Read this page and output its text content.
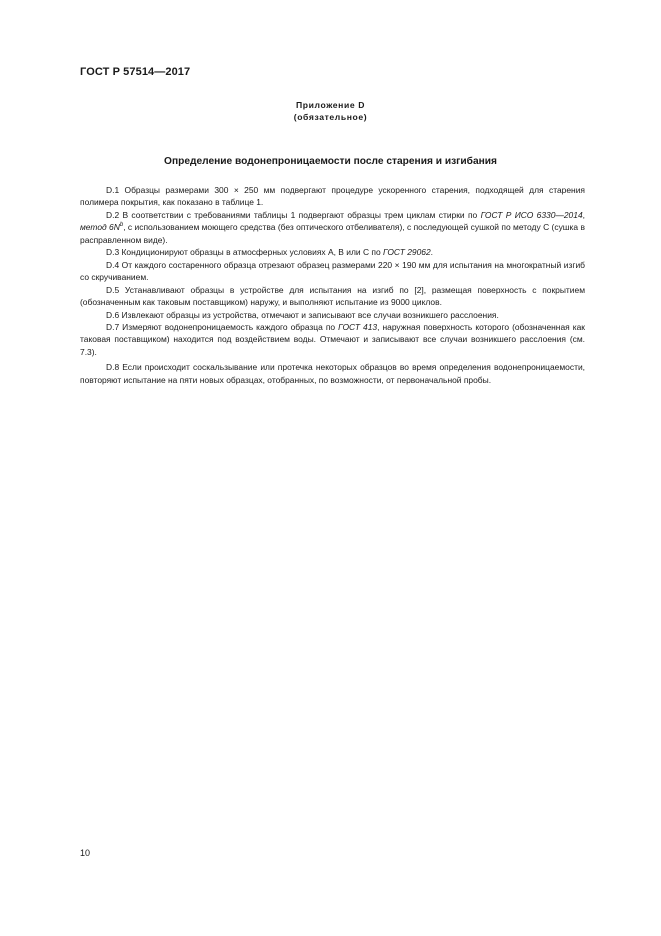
ГОСТ Р 57514—2017
Приложение D
(обязательное)
Определение водонепроницаемости после старения и изгибания

D.1 Образцы размерами 300 × 250 мм подвергают процедуре ускоренного старения, подходящей для старения полимера покрытия, как показано в таблице 1.

D.2 В соответствии с требованиями таблицы 1 подвергают образцы трем циклам стирки по ГОСТ Р ИСО 6330—2014, метод $6N^b$, с использованием моющего средства (без оптического отбеливателя), с последующей сушкой по методу С (сушка в расправленном виде).

D.3 Кондиционируют образцы в атмосферных условиях А, В или С по ГОСТ 29062.

D.4 От каждого состаренного образца отрезают образец размерами 220 × 190 мм для испытания на многократный изгиб со скручиванием.

D.5 Устанавливают образцы в устройстве для испытания на изгиб по [2], размещая поверхность с покрытием (обозначенным как таковым поставщиком) наружу, и выполняют испытание из 9000 циклов.

D.6 Извлекают образцы из устройства, отмечают и записывают все случаи возникшего расслоения.

D.7 Измеряют водонепроницаемость каждого образца по ГОСТ 413, наружная поверхность которого (обозначенная как таковая поставщиком) находится под воздействием воды. Отмечают и записывают все случаи возникшего расслоения (см. 7.3).

D.8 Если происходит соскальзывание или протечка некоторых образцов во время определения водонепроницаемости, повторяют испытание на пяти новых образцах, отобранных, по возможности, от первоначальной пробы.

10
